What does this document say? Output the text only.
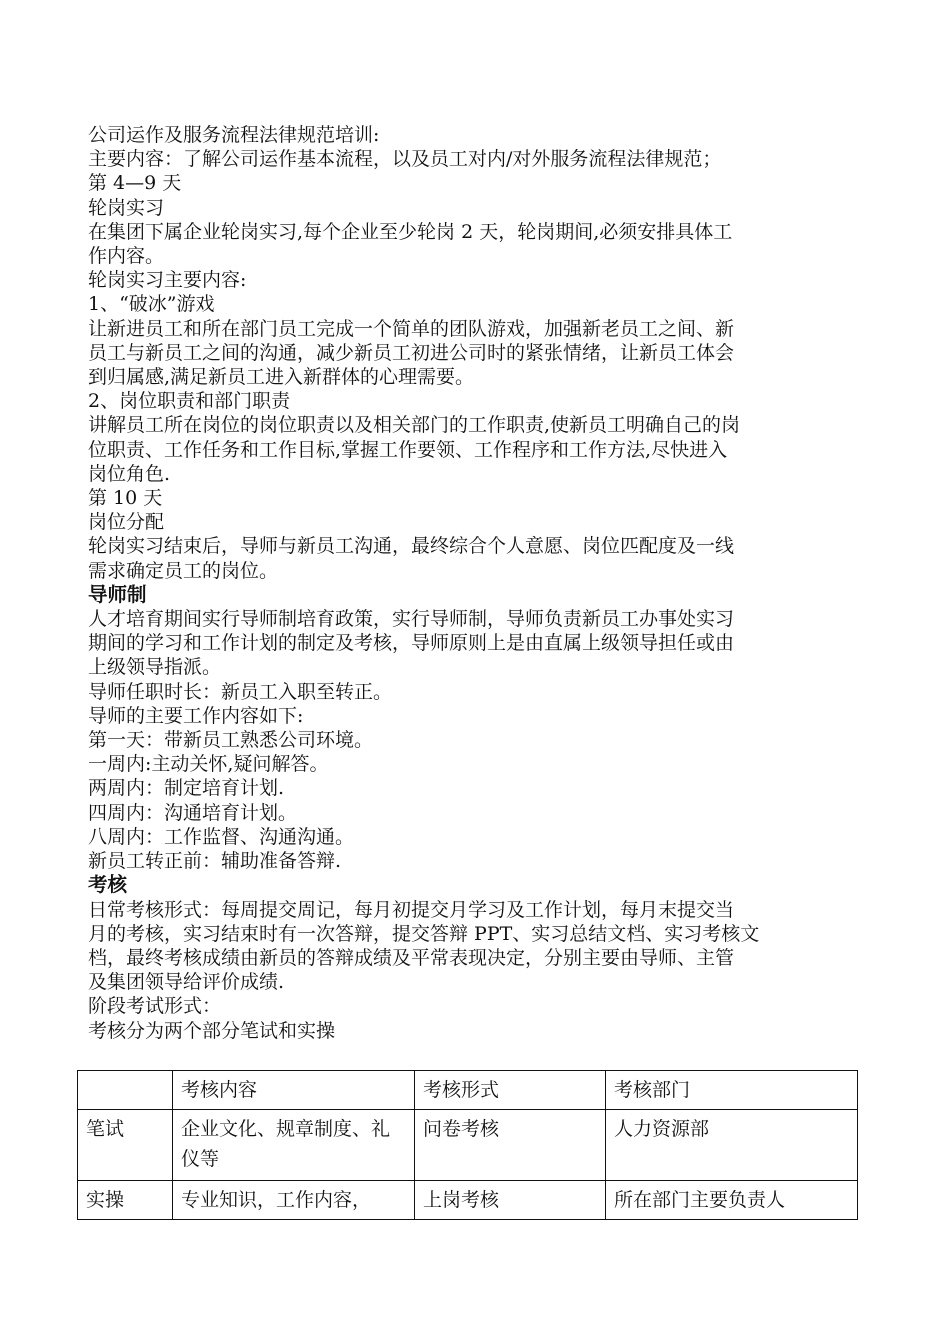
公司运作及服务流程法律规范培训:

主要内容：了解公司运作基本流程，以及员工对内/对外服务流程法律规范；

第 4—9 天

轮岗实习

在集团下属企业轮岗实习,每个企业至少轮岗 2 天，轮岗期间,必须安排具体工

作内容。

轮岗实习主要内容:

1、“破冰”游戏

让新进员工和所在部门员工完成一个简单的团队游戏，加强新老员工之间、新

员工与新员工之间的沟通，减少新员工初进公司时的紧张情绪，让新员工体会

到归属感,满足新员工进入新群体的心理需要。

2、岗位职责和部门职责

讲解员工所在岗位的岗位职责以及相关部门的工作职责,使新员工明确自己的岗

位职责、工作任务和工作目标,掌握工作要领、工作程序和工作方法,尽快进入

岗位角色.

第 10 天

岗位分配

轮岗实习结束后，导师与新员工沟通，最终综合个人意愿、岗位匹配度及一线

需求确定员工的岗位。

导师制

人才培育期间实行导师制培育政策，实行导师制，导师负责新员工办事处实习

期间的学习和工作计划的制定及考核，导师原则上是由直属上级领导担任或由

上级领导指派。

导师任职时长：新员工入职至转正。

导师的主要工作内容如下:

第一天：带新员工熟悉公司环境。

一周内:主动关怀,疑问解答。

两周内：制定培育计划.

四周内：沟通培育计划。

八周内：工作监督、沟通沟通。

新员工转正前：辅助准备答辩.

考核

日常考核形式：每周提交周记，每月初提交月学习及工作计划，每月末提交当

月的考核，实习结束时有一次答辩，提交答辩 PPT、实习总结文档、实习考核文

档，最终考核成绩由新员的答辩成绩及平常表现决定，分别主要由导师、主管

及集团领导给评价成绩.

阶段考试形式：

考核分为两个部分笔试和实操

	考核内容	考核形式	考核部门
笔试	企业文化、规章制度、礼仪等	问卷考核	人力资源部
实操	专业知识，工作内容，	上岗考核	所在部门主要负责人
